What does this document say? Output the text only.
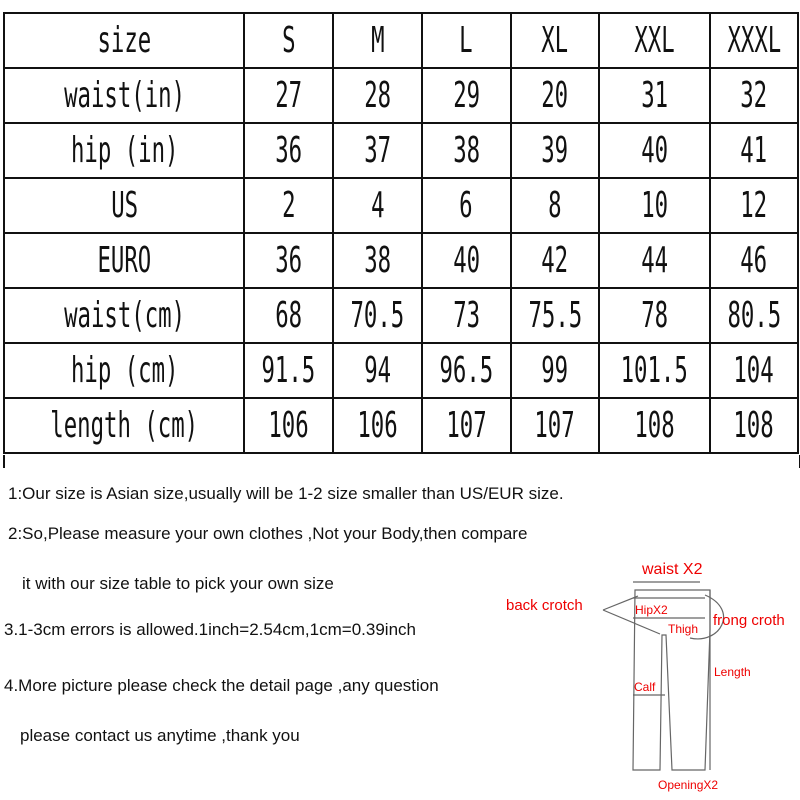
size	S	M	L	XL	XXL	XXXL
waist(in)	27	28	29	20	31	32
hip (in)	36	37	38	39	40	41
US	2	4	6	8	10	12
EURO	36	38	40	42	44	46
waist(cm)	68	70.5	73	75.5	78	80.5
hip (cm)	91.5	94	96.5	99	101.5	104
length (cm)	106	106	107	107	108	108
1:Our size is Asian size,usually will be 1-2 size smaller than US/EUR size.
2:So,Please measure your own clothes ,Not your Body,then compare
it with our size table to pick your own size
3.1-3cm errors is allowed.1inch=2.54cm,1cm=0.39inch
4.More picture please check the detail page ,any question
please contact us anytime ,thank you
waist X2
back crotch	HipX2
frong croth
Thigh
Length
Calf
OpeningX2
